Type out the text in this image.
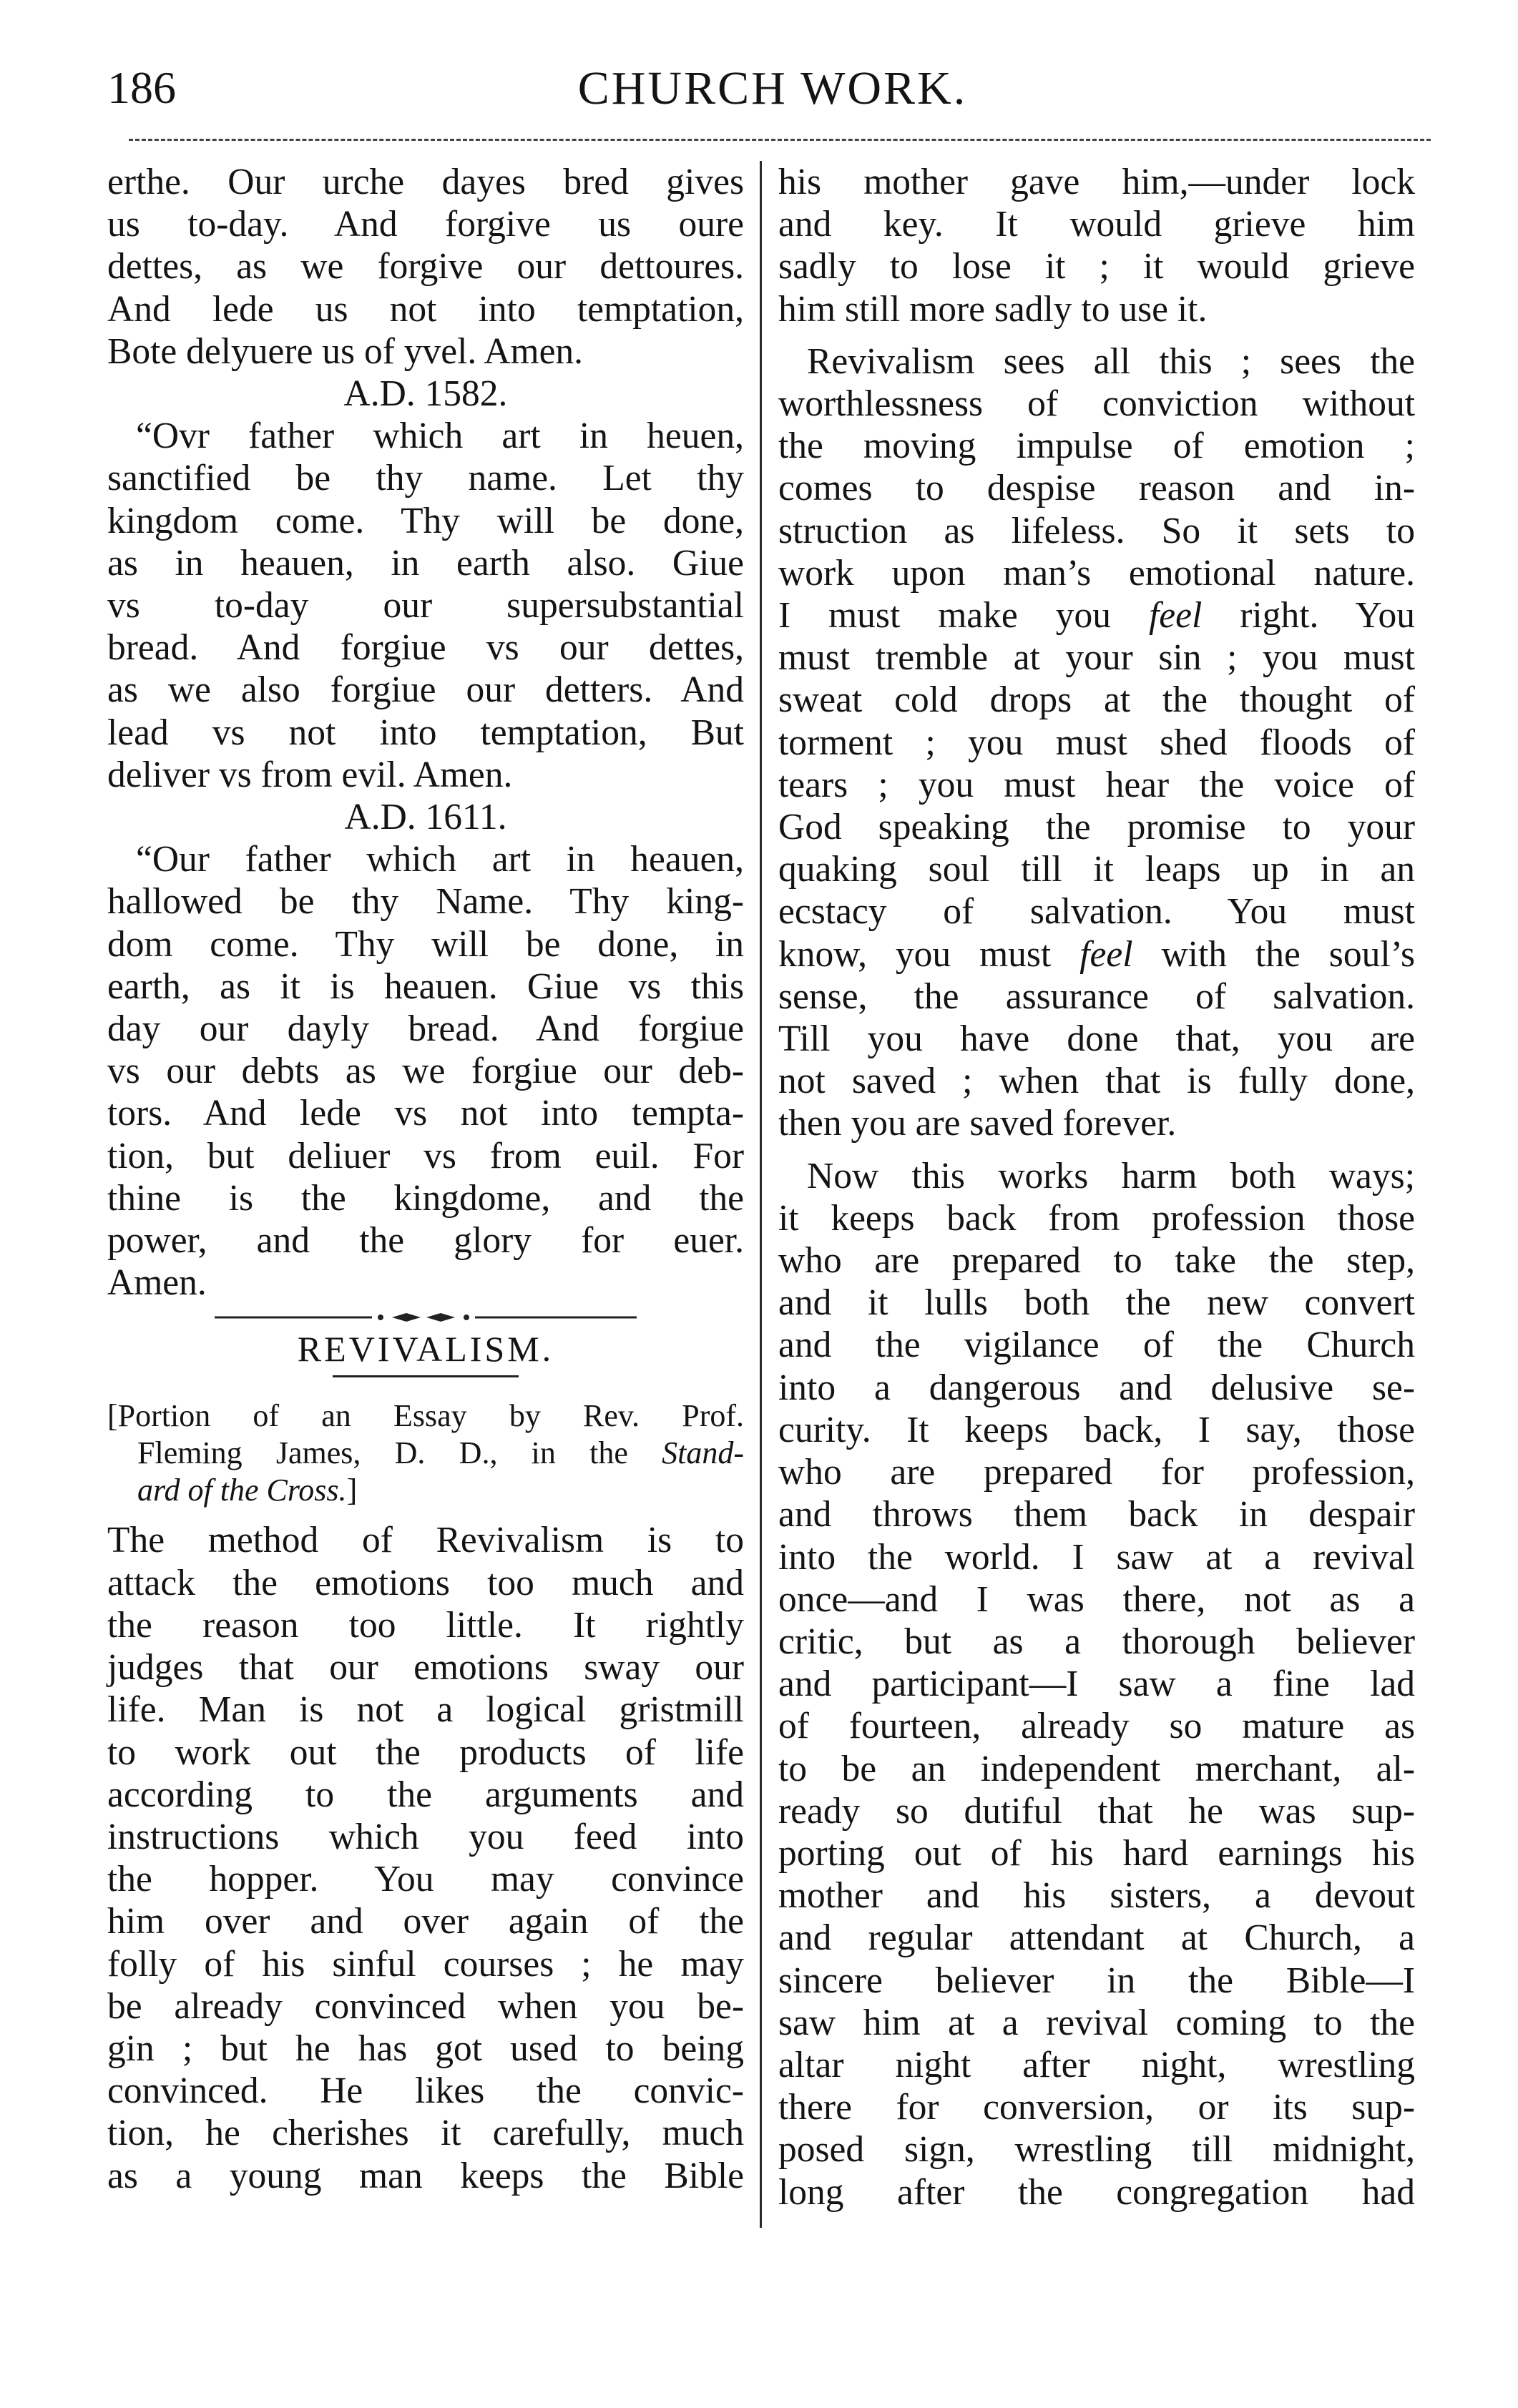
186	CHURCH WORK.
erthe. Our urche dayes bred gives
us to-day. And forgive us oure
dettes, as we forgive our dettoures.
And lede us not into temptation,
Bote delyuere us of yvel. Amen.
A.D. 1582.
“Ovr father which art in heuen,
sanctified be thy name. Let thy
kingdom come. Thy will be done,
as in heauen, in earth also. Giue
vs to-day our supersubstantial
bread. And forgiue vs our dettes,
as we also forgiue our detters. And
lead vs not into temptation, But
deliver vs from evil. Amen.
A.D. 1611.
“Our father which art in heauen,
hallowed be thy Name. Thy king-
dom come. Thy will be done, in
earth, as it is heauen. Giue vs this
day our dayly bread. And forgiue
vs our debts as we forgiue our deb-
tors. And lede vs not into tempta-
tion, but deliuer vs from euil. For
thine is the kingdome, and the
power, and the glory for euer.
Amen.
REVIVALISM.
[Portion of an Essay by Rev. Prof.
Fleming James, D. D., in the Stand-
ard of the Cross.]
The method of Revivalism is to
attack the emotions too much and
the reason too little. It rightly
judges that our emotions sway our
life. Man is not a logical gristmill
to work out the products of life
according to the arguments and
instructions which you feed into
the hopper. You may convince
him over and over again of the
folly of his sinful courses ; he may
be already convinced when you be-
gin ; but he has got used to being
convinced. He likes the convic-
tion, he cherishes it carefully, much
as a young man keeps the Bible
his mother gave him,—under lock
and key. It would grieve him
sadly to lose it ; it would grieve
him still more sadly to use it.
Revivalism sees all this ; sees the
worthlessness of conviction without
the moving impulse of emotion ;
comes to despise reason and in-
struction as lifeless. So it sets to
work upon man’s emotional nature.
I must make you feel right. You
must tremble at your sin ; you must
sweat cold drops at the thought of
torment ; you must shed floods of
tears ; you must hear the voice of
God speaking the promise to your
quaking soul till it leaps up in an
ecstacy of salvation. You must
know, you must feel with the soul’s
sense, the assurance of salvation.
Till you have done that, you are
not saved ; when that is fully done,
then you are saved forever.
Now this works harm both ways;
it keeps back from profession those
who are prepared to take the step,
and it lulls both the new convert
and the vigilance of the Church
into a dangerous and delusive se-
curity. It keeps back, I say, those
who are prepared for profession,
and throws them back in despair
into the world. I saw at a revival
once—and I was there, not as a
critic, but as a thorough believer
and participant—I saw a fine lad
of fourteen, already so mature as
to be an independent merchant, al-
ready so dutiful that he was sup-
porting out of his hard earnings his
mother and his sisters, a devout
and regular attendant at Church, a
sincere believer in the Bible—I
saw him at a revival coming to the
altar night after night, wrestling
there for conversion, or its sup-
posed sign, wrestling till midnight,
long after the congregation had
